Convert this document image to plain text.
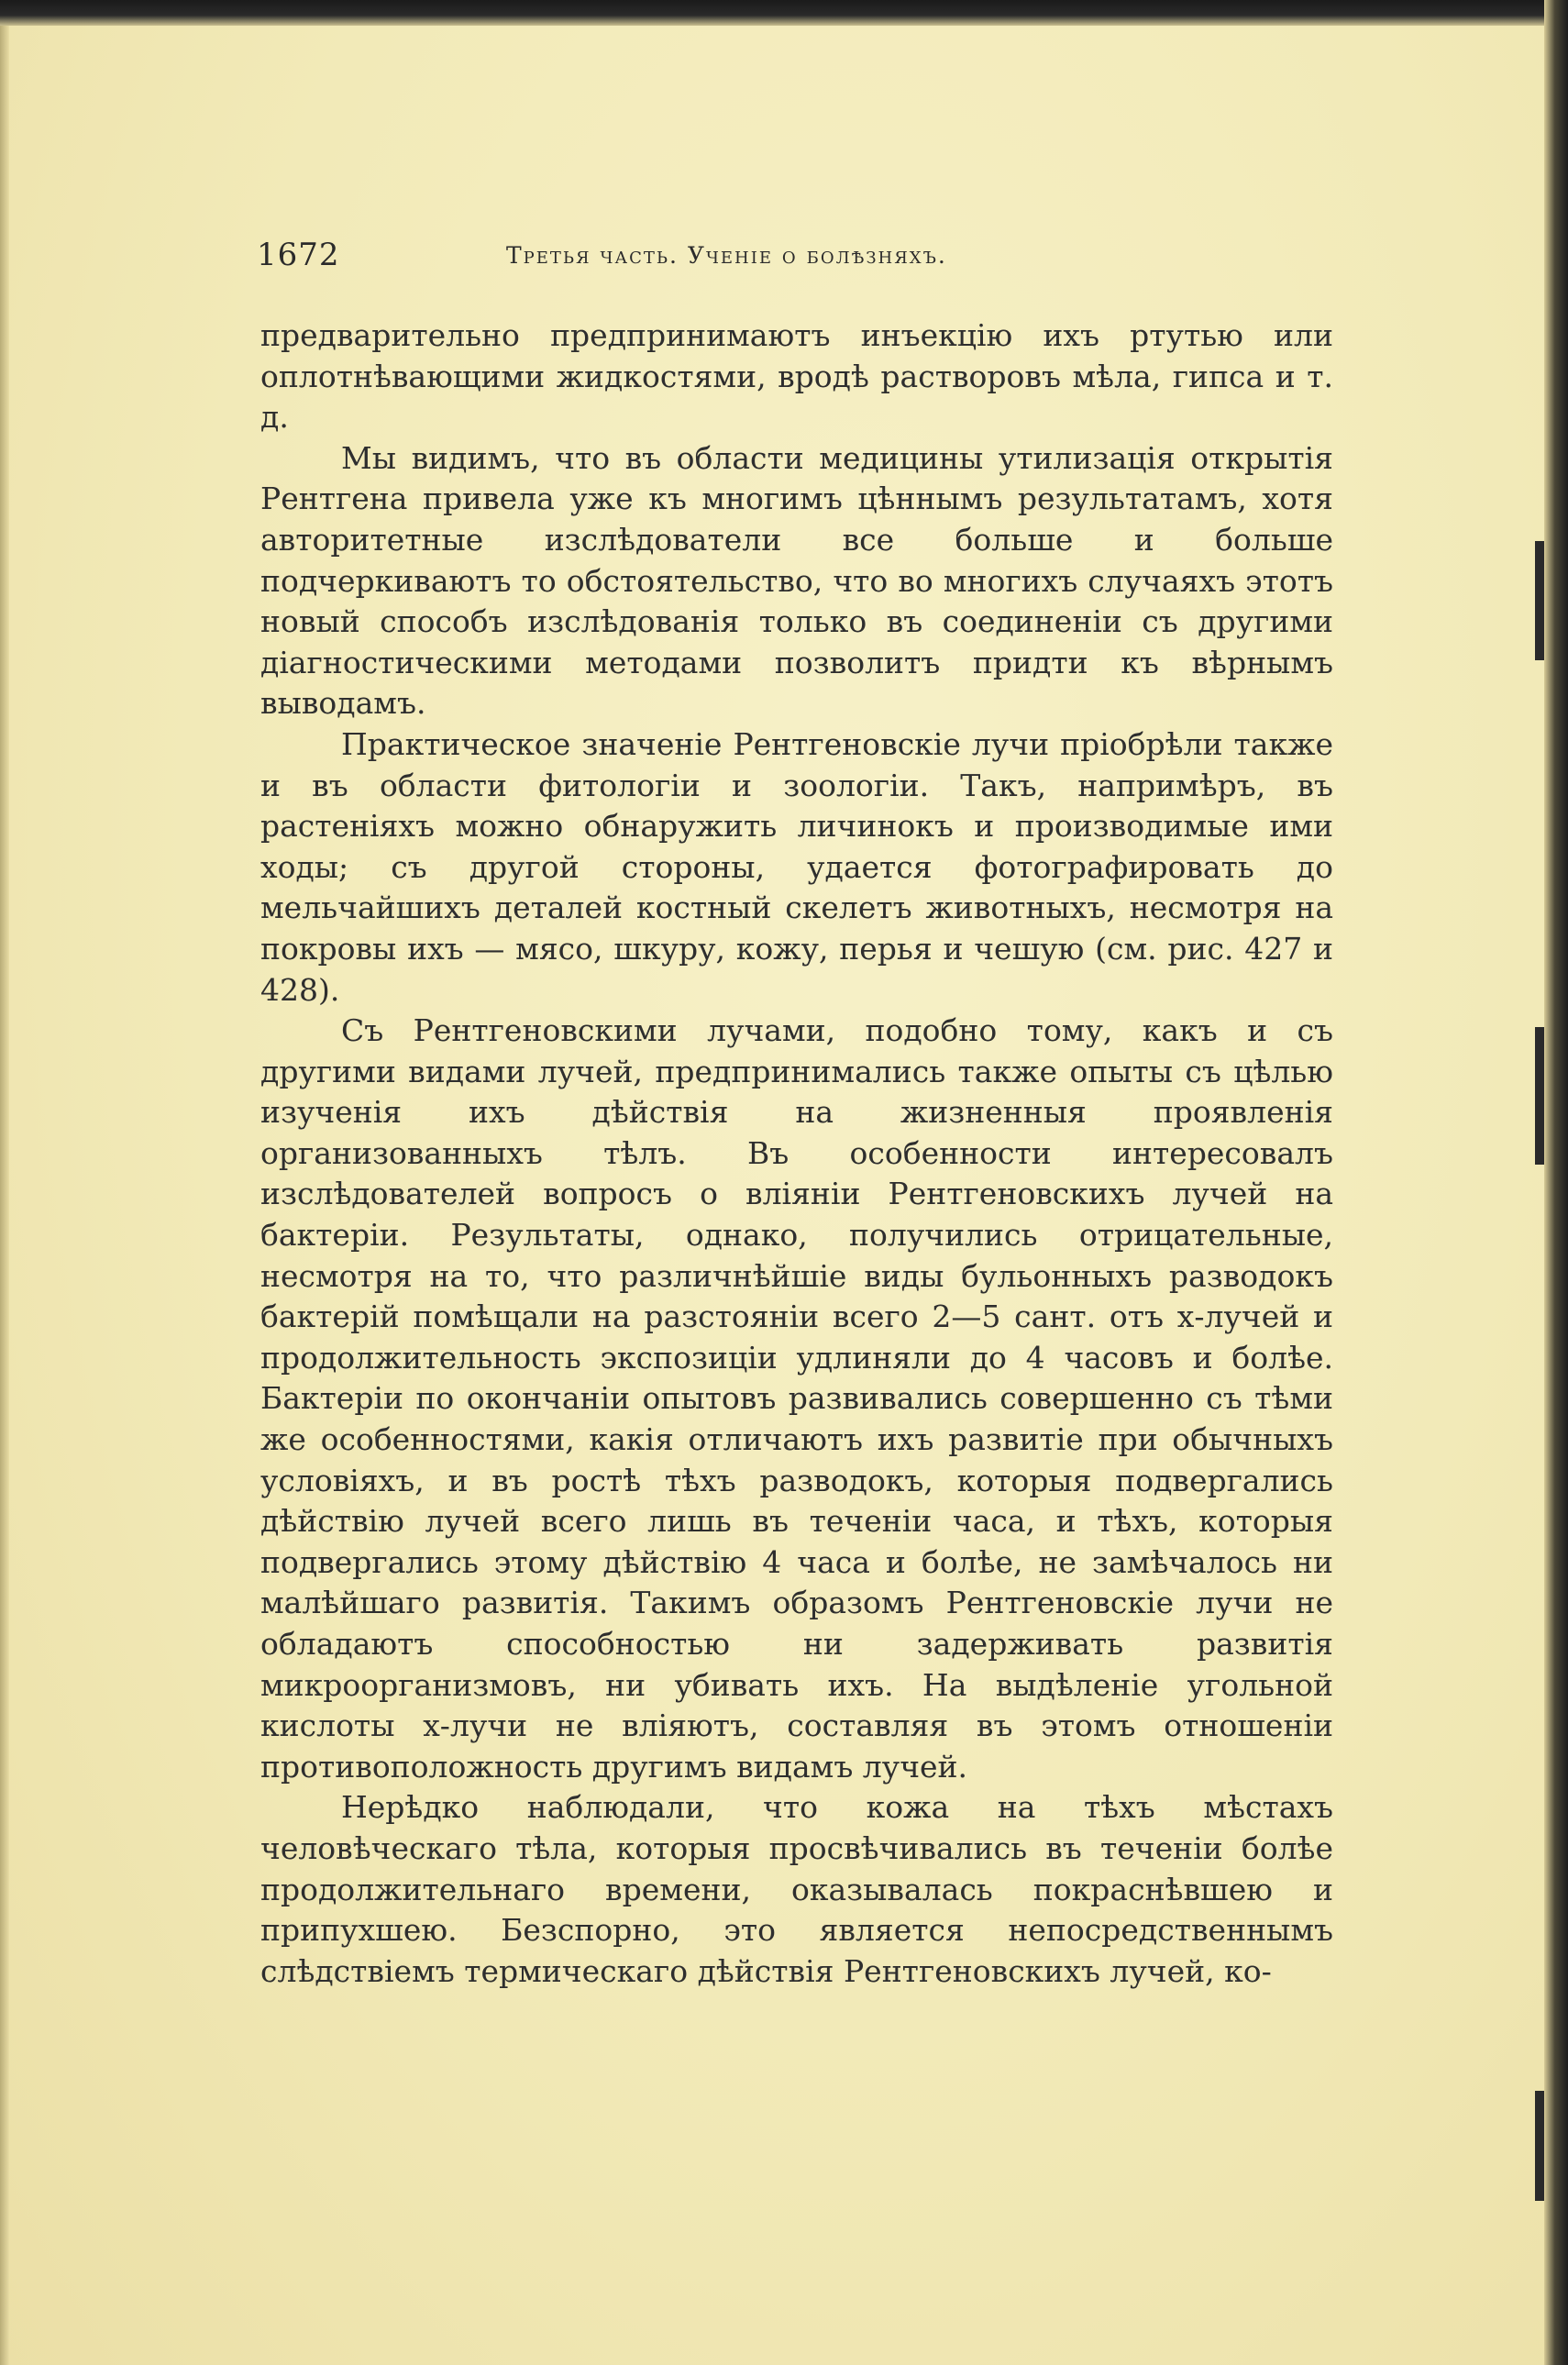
1672	Третья часть. Ученіе о болѣзняхъ.

предварительно предпринимаютъ инъекцію ихъ ртутью или оплотнѣвающими жидкостями, вродѣ растворовъ мѣла, гипса и т. д.

Мы видимъ, что въ области медицины утилизація открытія Рентгена привела уже къ многимъ цѣннымъ результатамъ, хотя авторитетные изслѣдователи все больше и больше подчеркиваютъ то обстоятельство, что во многихъ случаяхъ этотъ новый способъ изслѣдованія только въ соединеніи съ другими діагностическими методами позволитъ придти къ вѣрнымъ выводамъ.

Практическое значеніе Рентгеновскіе лучи пріобрѣли также и въ области фитологіи и зоологіи. Такъ, напримѣръ, въ растеніяхъ можно обнаружить личинокъ и производимые ими ходы; съ другой стороны, удается фотографировать до мельчайшихъ деталей костный скелетъ животныхъ, несмотря на покровы ихъ — мясо, шкуру, кожу, перья и чешую (см. рис. 427 и 428).

Съ Рентгеновскими лучами, подобно тому, какъ и съ другими видами лучей, предпринимались также опыты съ цѣлью изученія ихъ дѣйствія на жизненныя проявленія организованныхъ тѣлъ. Въ особенности интересовалъ изслѣдователей вопросъ о вліяніи Рентгеновскихъ лучей на бактеріи. Результаты, однако, получились отрицательные, несмотря на то, что различнѣйшіе виды бульонныхъ разводокъ бактерій помѣщали на разстояніи всего 2—5 сант. отъ х-лучей и продолжительность экспозиціи удлиняли до 4 часовъ и болѣе. Бактеріи по окончаніи опытовъ развивались совершенно съ тѣми же особенностями, какія отличаютъ ихъ развитіе при обычныхъ условіяхъ, и въ ростѣ тѣхъ разводокъ, которыя подвергались дѣйствію лучей всего лишь въ теченіи часа, и тѣхъ, которыя подвергались этому дѣйствію 4 часа и болѣе, не замѣчалось ни малѣйшаго развитія. Такимъ образомъ Рентгеновскіе лучи не обладаютъ способностью ни задерживать развитія микроорганизмовъ, ни убивать ихъ. На выдѣленіе угольной кислоты х-лучи не вліяютъ, составляя въ этомъ отношеніи противоположность другимъ видамъ лучей.

Нерѣдко наблюдали, что кожа на тѣхъ мѣстахъ человѣческаго тѣла, которыя просвѣчивались въ теченіи болѣе продолжительнаго времени, оказывалась покраснѣвшею и припухшею. Безспорно, это является непосредственнымъ слѣдствіемъ термическаго дѣйствія Рентгеновскихъ лучей, ко-
